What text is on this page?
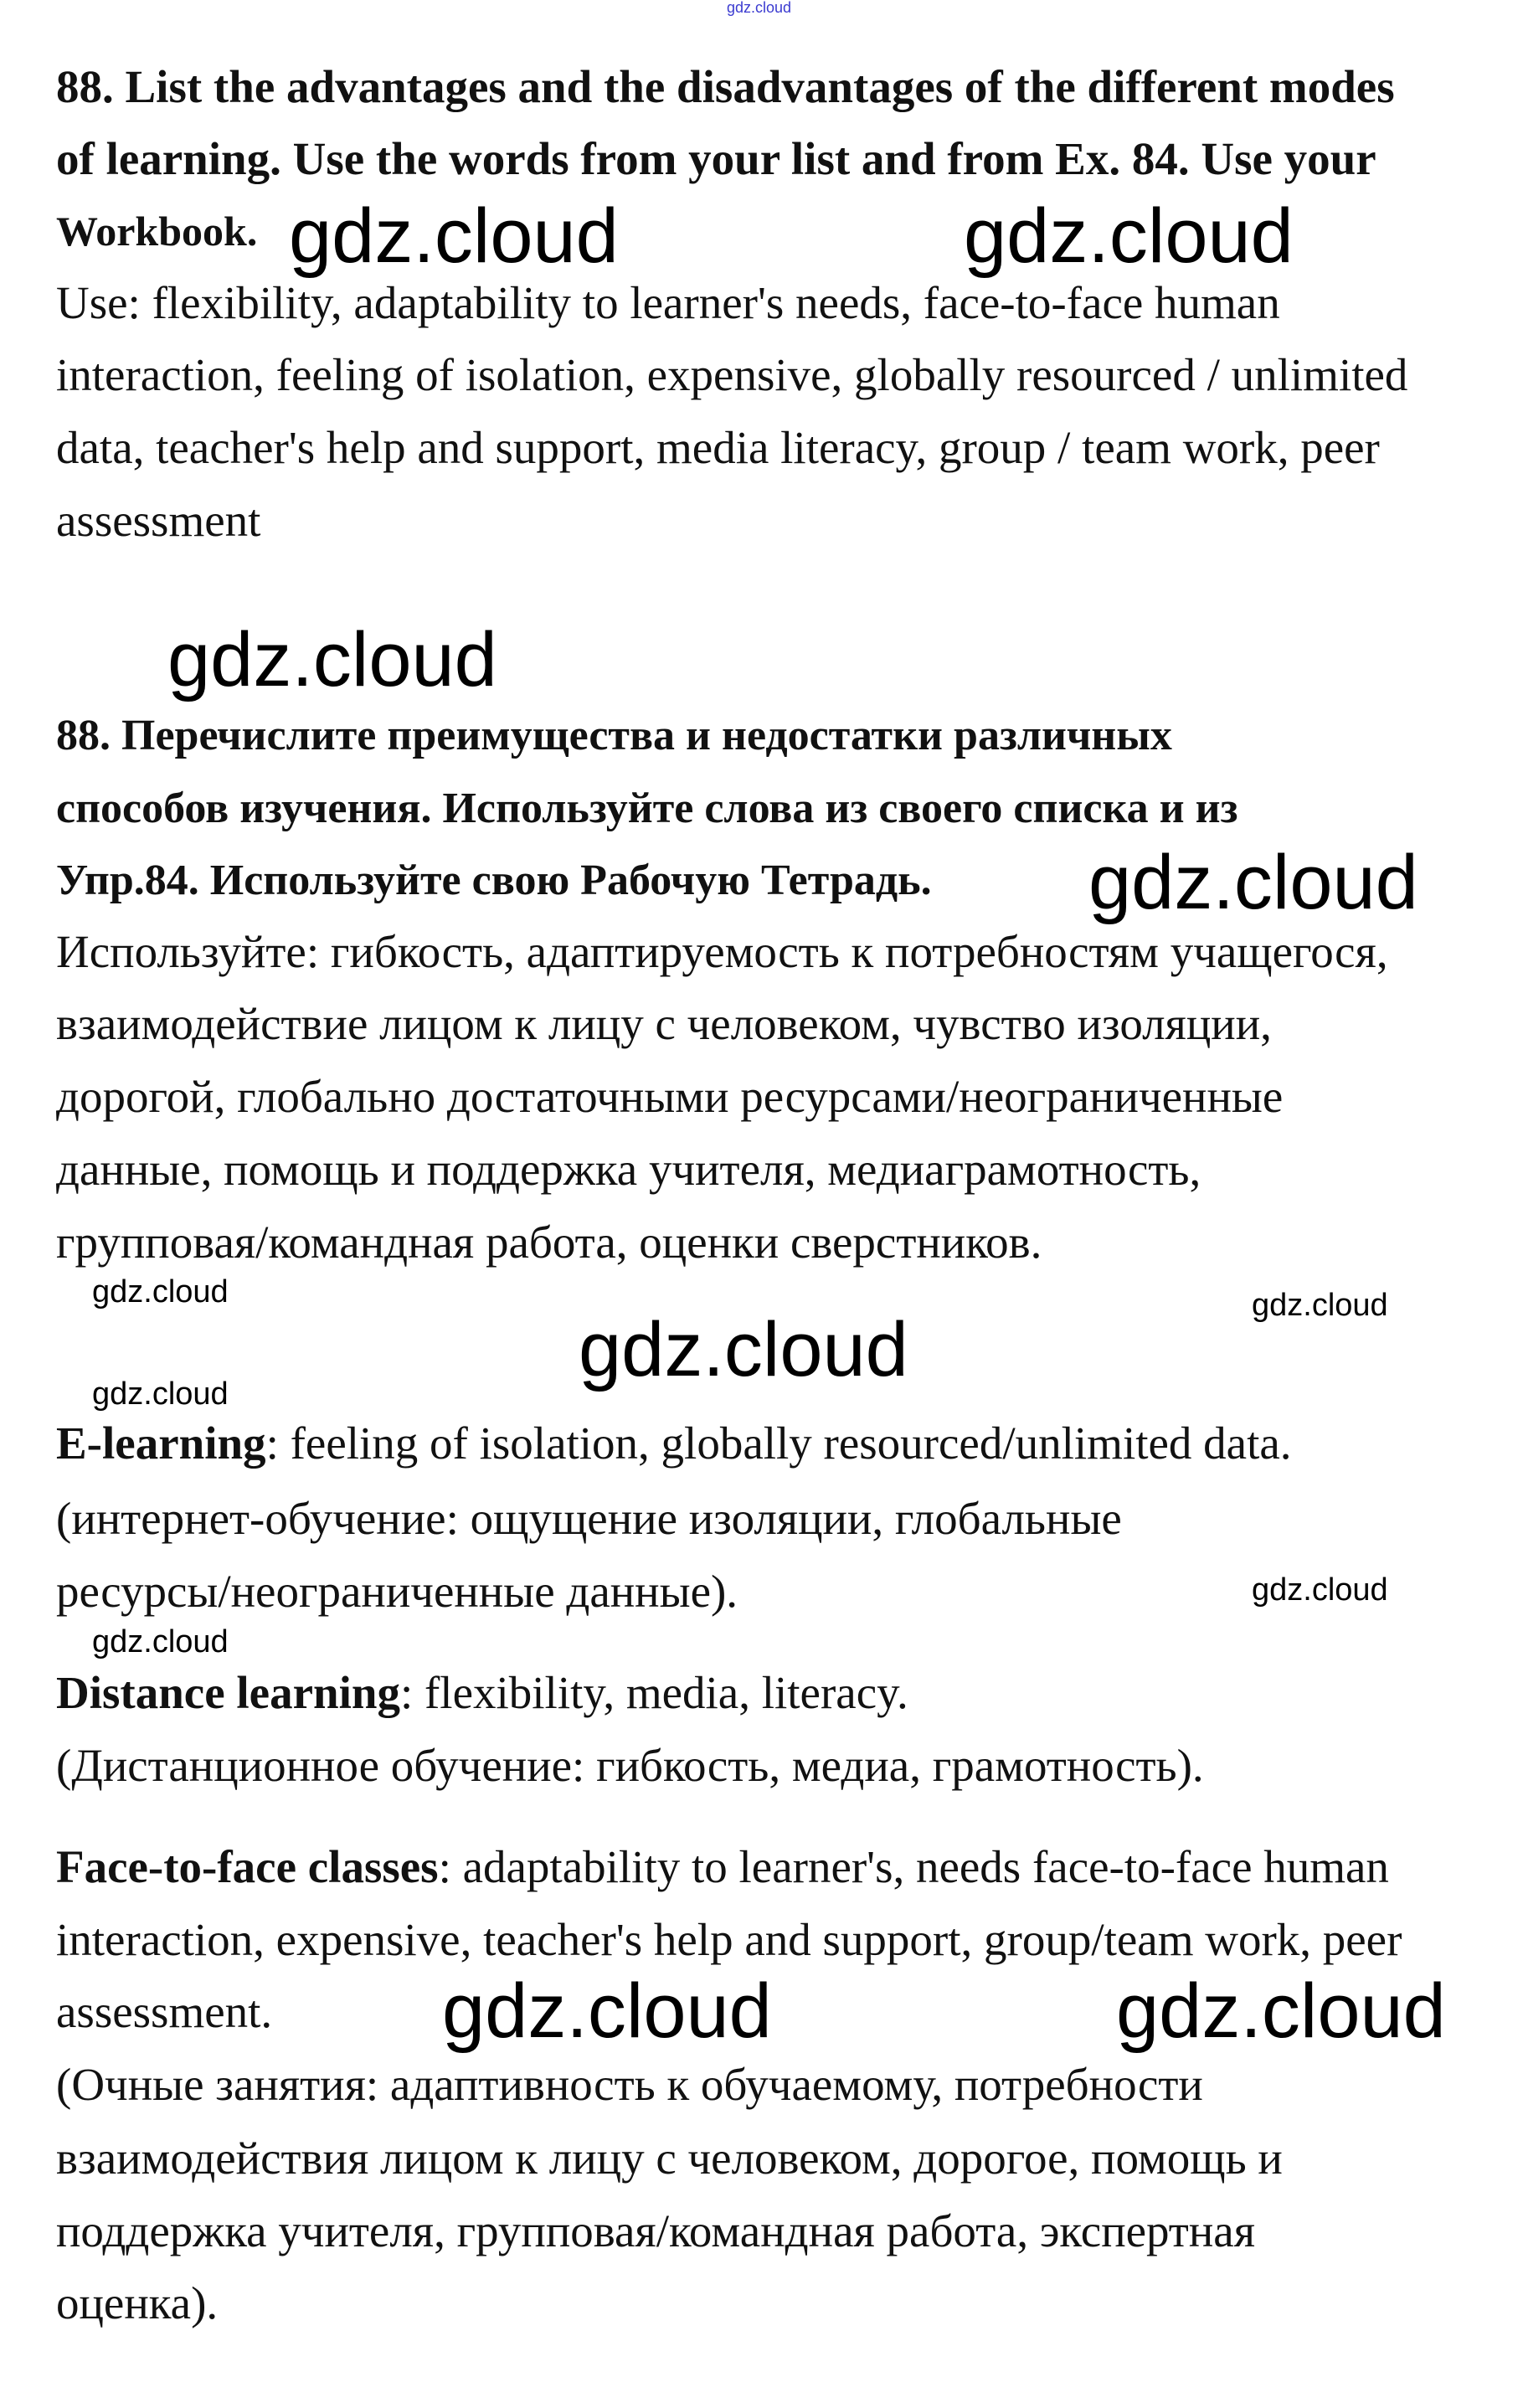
gdz.cloud
88. List the advantages and the disadvantages of the different modes
of learning. Use the words from your list and from Ex. 84. Use your
Workbook.
Use: flexibility, adaptability to learner's needs, face-to-face human
interaction, feeling of isolation, expensive, globally resourced / unlimited
data, teacher's help and support, media literacy, group / team work, peer
assessment
88. Перечислите преимущества и недостатки различных
способов изучения. Используйте слова из своего списка и из
Упр.84. Используйте свою Рабочую Тетрадь.
Используйте: гибкость, адаптируемость к потребностям учащегося,
взаимодействие лицом к лицу с человеком, чувство изоляции,
дорогой, глобально достаточными ресурсами/неограниченные
данные, помощь и поддержка учителя, медиаграмотность,
групповая/командная работа, оценки сверстников.
E-learning: feeling of isolation, globally resourced/unlimited data.
(интернет-обучение: ощущение изоляции, глобальные
ресурсы/неограниченные данные).
Distance learning: flexibility, media, literacy.
(Дистанционное обучение: гибкость, медиа, грамотность).
Face-to-face classes: adaptability to learner's, needs face-to-face human
interaction, expensive, teacher's help and support, group/team work, peer
assessment.
(Очные занятия: адаптивность к обучаемому, потребности
взаимодействия лицом к лицу с человеком, дорогое, помощь и
поддержка учителя, групповая/командная работа, экспертная
оценка).
gdz.cloud	gdz.cloud
gdz.cloud
gdz.cloud
gdz.cloud
gdz.cloud	gdz.cloud
gdz.cloud	gdz.cloud
gdz.cloud
gdz.cloud
gdz.cloud
